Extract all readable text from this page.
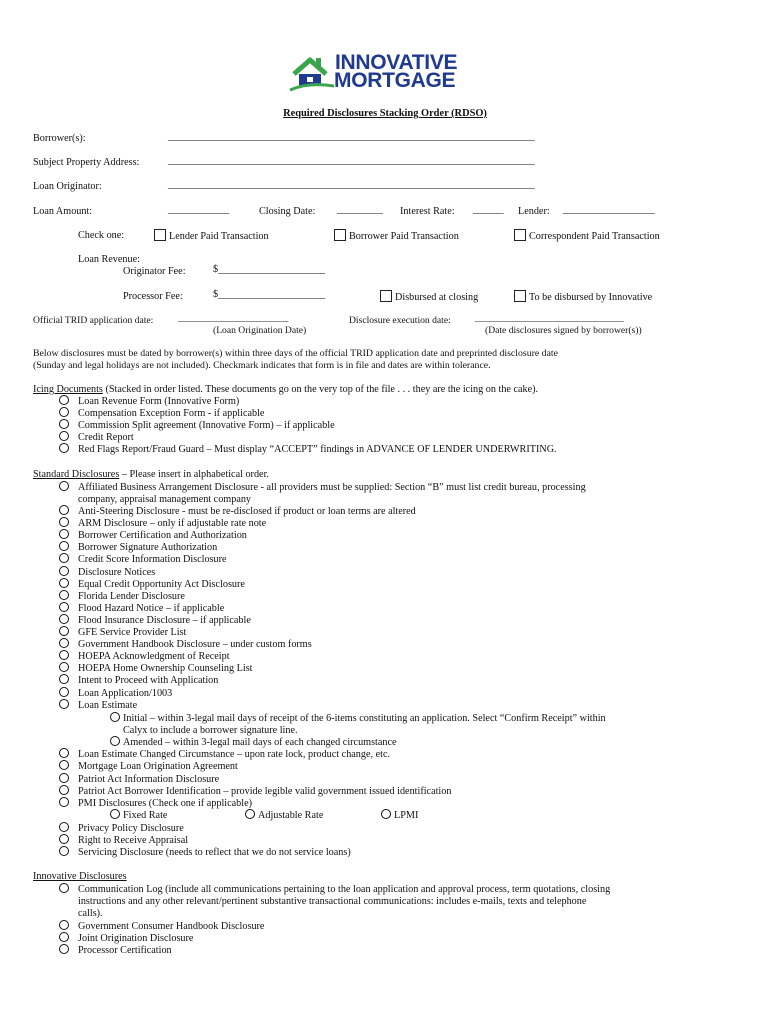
INNOVATIVE
MORTGAGE
Required Disclosures Stacking Order (RDSO)
Borrower(s):	________________________________________________________________________
Subject Property Address:	________________________________________________________________________
Loan Originator:	________________________________________________________________________
Loan Amount:	____________	Closing Date: _________ Interest Rate: ______ Lender: __________________
Check one:	Lender Paid Transaction	Borrower Paid Transaction	Correspondent Paid Transaction
Loan Revenue:
Originator Fee:	$_____________________
Processor Fee:	$_____________________	Disbursed at closing	To be disbursed by Innovative
Official TRID application date:	_______________________
(Loan Origination Date)
Disclosure execution date:	_______________________________
(Date disclosures signed by borrower(s))
Below disclosures must be dated by borrower(s) within three days of the official TRID application date and preprinted disclosure date
(Sunday and legal holidays are not included). Checkmark indicates that form is in file and dates are within tolerance.
Icing Documents (Stacked in order listed. These documents go on the very top of the file . . . they are the icing on the cake).
Loan Revenue Form (Innovative Form)
Compensation Exception Form - if applicable
Commission Split agreement (Innovative Form) – if applicable
Credit Report
Red Flags Report/Fraud Guard – Must display “ACCEPT” findings in ADVANCE OF LENDER UNDERWRITING.
Standard Disclosures – Please insert in alphabetical order.
Affiliated Business Arrangement Disclosure - all providers must be supplied: Section “B” must list credit bureau, processing
company, appraisal management company
Anti-Steering Disclosure - must be re-disclosed if product or loan terms are altered
ARM Disclosure – only if adjustable rate note
Borrower Certification and Authorization
Borrower Signature Authorization
Credit Score Information Disclosure
Disclosure Notices
Equal Credit Opportunity Act Disclosure
Florida Lender Disclosure
Flood Hazard Notice – if applicable
Flood Insurance Disclosure – if applicable
GFE Service Provider List
Government Handbook Disclosure – under custom forms
HOEPA Acknowledgment of Receipt
HOEPA Home Ownership Counseling List
Intent to Proceed with Application
Loan Application/1003
Loan Estimate
Initial – within 3-legal mail days of receipt of the 6-items constituting an application. Select “Confirm Receipt” within
Calyx to include a borrower signature line.
Amended – within 3-legal mail days of each changed circumstance
Loan Estimate Changed Circumstance – upon rate lock, product change, etc.
Mortgage Loan Origination Agreement
Patriot Act Information Disclosure
Patriot Act Borrower Identification – provide legible valid government issued identification
PMI Disclosures (Check one if applicable)
Fixed Rate	Adjustable Rate	LPMI
Privacy Policy Disclosure
Right to Receive Appraisal
Servicing Disclosure (needs to reflect that we do not service loans)
Innovative Disclosures
Communication Log (include all communications pertaining to the loan application and approval process, term quotations, closing
instructions and any other relevant/pertinent substantive transactional communications: includes e-mails, texts and telephone
calls).
Government Consumer Handbook Disclosure
Joint Origination Disclosure
Processor Certification
